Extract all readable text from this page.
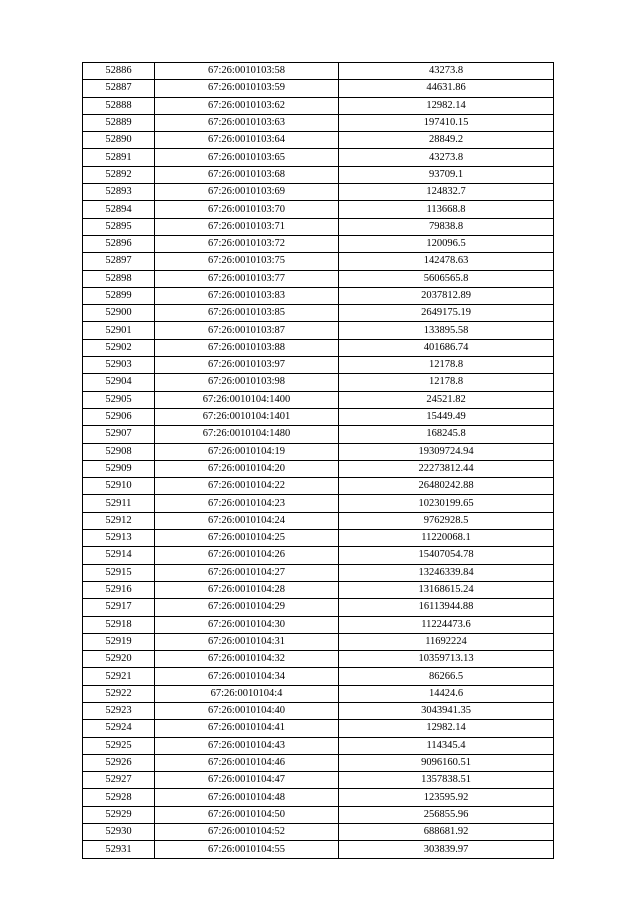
52886	67:26:0010103:58	43273.8
52887	67:26:0010103:59	44631.86
52888	67:26:0010103:62	12982.14
52889	67:26:0010103:63	197410.15
52890	67:26:0010103:64	28849.2
52891	67:26:0010103:65	43273.8
52892	67:26:0010103:68	93709.1
52893	67:26:0010103:69	124832.7
52894	67:26:0010103:70	113668.8
52895	67:26:0010103:71	79838.8
52896	67:26:0010103:72	120096.5
52897	67:26:0010103:75	142478.63
52898	67:26:0010103:77	5606565.8
52899	67:26:0010103:83	2037812.89
52900	67:26:0010103:85	2649175.19
52901	67:26:0010103:87	133895.58
52902	67:26:0010103:88	401686.74
52903	67:26:0010103:97	12178.8
52904	67:26:0010103:98	12178.8
52905	67:26:0010104:1400	24521.82
52906	67:26:0010104:1401	15449.49
52907	67:26:0010104:1480	168245.8
52908	67:26:0010104:19	19309724.94
52909	67:26:0010104:20	22273812.44
52910	67:26:0010104:22	26480242.88
52911	67:26:0010104:23	10230199.65
52912	67:26:0010104:24	9762928.5
52913	67:26:0010104:25	11220068.1
52914	67:26:0010104:26	15407054.78
52915	67:26:0010104:27	13246339.84
52916	67:26:0010104:28	13168615.24
52917	67:26:0010104:29	16113944.88
52918	67:26:0010104:30	11224473.6
52919	67:26:0010104:31	11692224
52920	67:26:0010104:32	10359713.13
52921	67:26:0010104:34	86266.5
52922	67:26:0010104:4	14424.6
52923	67:26:0010104:40	3043941.35
52924	67:26:0010104:41	12982.14
52925	67:26:0010104:43	114345.4
52926	67:26:0010104:46	9096160.51
52927	67:26:0010104:47	1357838.51
52928	67:26:0010104:48	123595.92
52929	67:26:0010104:50	256855.96
52930	67:26:0010104:52	688681.92
52931	67:26:0010104:55	303839.97
